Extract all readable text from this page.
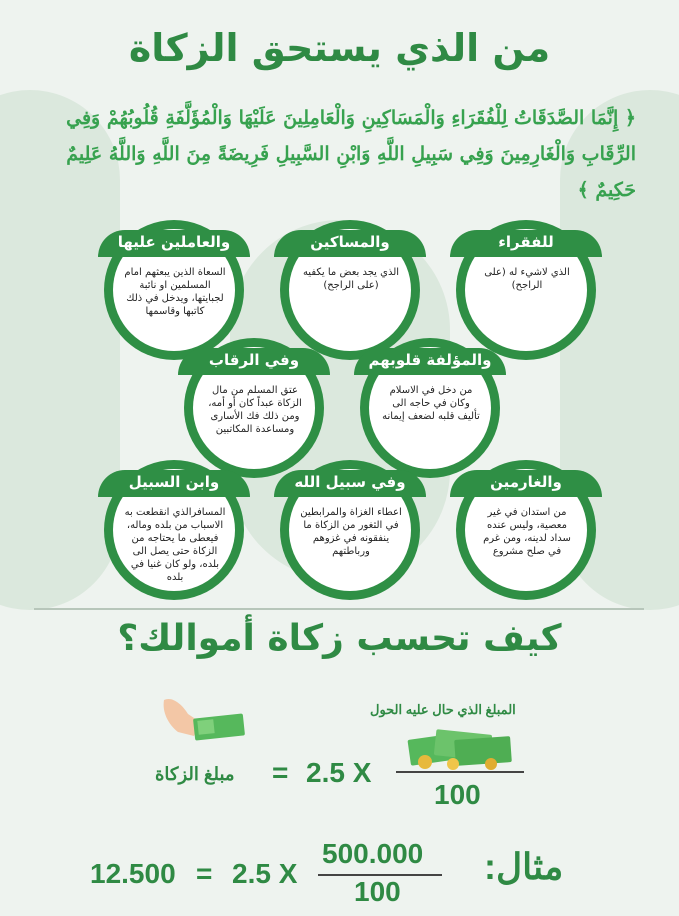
من الذي يستحق الزكاة
﴿ إِنَّمَا الصَّدَقَاتُ لِلْفُقَرَاءِ وَالْمَسَاكِينِ وَالْعَامِلِينَ عَلَيْهَا وَالْمُؤَلَّفَةِ قُلُوبُهُمْ وَفِي الرِّقَابِ وَالْغَارِمِينَ وَفِي سَبِيلِ اللَّهِ وَابْنِ السَّبِيلِ فَرِيضَةً مِنَ اللَّهِ وَاللَّهُ عَلِيمٌ حَكِيمٌ ﴾
للفقراء
الذي لاشيء له (على الراجح)
والمساكين
الذي يجد بعض ما يكفيه (على الراجح)
والعاملين عليها
السعاة الذين يبعثهم امام المسلمين او نائبة لجبايتها، ويدخل في ذلك كاتبها وقاسمها
والمؤلفة قلوبهم
من دخل في الاسلام وكان في حاجه الى تأليف قلبه لضعف إيمانه
وفي الرقاب
عتق المسلم من مال الزكاة عبداً كان أو أمه، ومن ذلك فك الأسارى ومساعدة المكاتبين
والغارمين
من استدان في غير معصية، وليس عنده سداد لدينه، ومن غرم في صلح مشروع
وفي سبيل الله
اعطاء الغزاة والمرابطين في الثغور من الزكاة ما ينفقونه في غزوهم ورباطتهم
وابن السبيل
المسافرالذي انقطعت به الاسباب من بلده وماله، فيعطى ما يحتاجه من الزكاة حتى يصل الى بلده، ولو كان غنيا في بلده
كيف تحسب زكاة أموالك؟
المبلغ الذي حال عليه الحول
مبلغ الزكاة = 2.5 X
100
12.500 = 2.5 X
500.000
100
مثال:
